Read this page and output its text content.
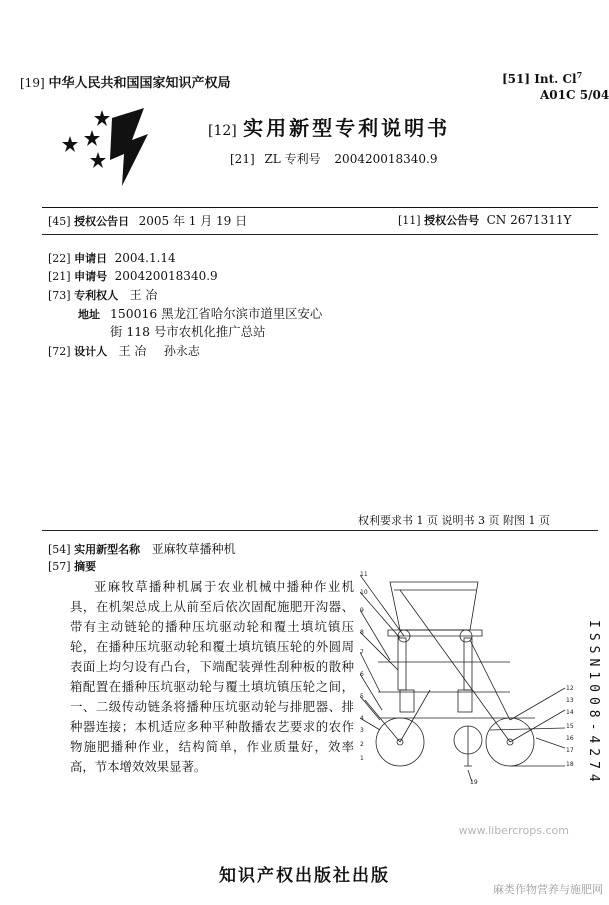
[19] 中华人民共和国国家知识产权局	[51] Int. Cl$^7$
A01C 5/04
[12] 实用新型专利说明书
[21] ZL 专利号 200420018340.9
[45] 授权公告日 2005 年 1 月 19 日	[11] 授权公告号 CN 2671311Y
[22] 申请日 2004.1.14
[21] 申请号 200420018340.9
[73] 专利权人 王 冶
地址 150016 黑龙江省哈尔滨市道里区安心
街 118 号市农机化推广总站
[72] 设计人 王 冶 孙永志
权利要求书 1 页 说明书 3 页 附图 1 页
[54] 实用新型名称 亚麻牧草播种机
[57] 摘要

亚麻牧草播种机属于农业机械中播种作业机具，在机架总成上从前至后依次固配施肥开沟器、带有主动链轮的播种压坑驱动轮和覆土填坑镇压轮，在播种压坑驱动轮和覆土填坑镇压轮的外圆周表面上均匀设有凸台，下端配装弹性刮种板的散种箱配置在播种压坑驱动轮与覆土填坑镇压轮之间，一、二级传动链条将播种压坑驱动轮与排肥器、排种器连接；本机适应多种平种散播农艺要求的农作物施肥播种作业，结构简单，作业质量好，效率高，节本增效效果显著。

11
10
9
8
7
6
5
4
3
2
1
12
13
14
15
16
17
18
19	ISSN1008-4274
知识产权出版社出版
www.libercrops.com
麻类作物营养与施肥网
